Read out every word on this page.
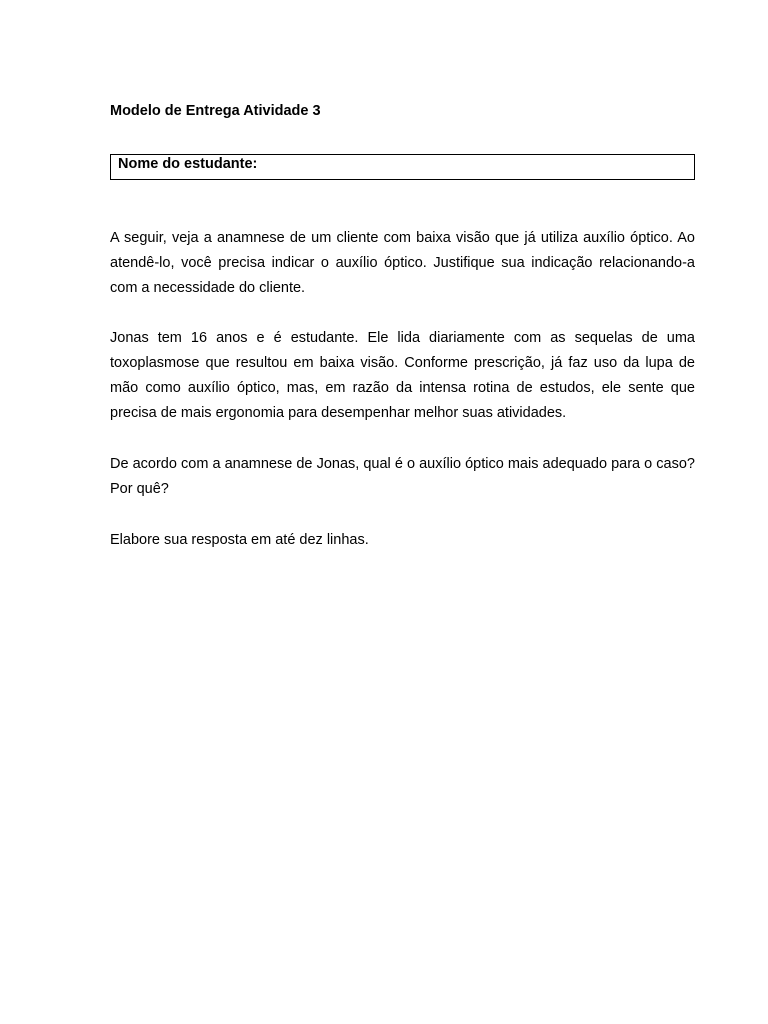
Modelo de Entrega Atividade 3
Nome do estudante:

A seguir, veja a anamnese de um cliente com baixa visão que já utiliza auxílio óptico. Ao atendê-lo, você precisa indicar o auxílio óptico. Justifique sua indicação relacionando-a com a necessidade do cliente.

Jonas tem 16 anos e é estudante. Ele lida diariamente com as sequelas de uma toxoplasmose que resultou em baixa visão. Conforme prescrição, já faz uso da lupa de mão como auxílio óptico, mas, em razão da intensa rotina de estudos, ele sente que precisa de mais ergonomia para desempenhar melhor suas atividades.

De acordo com a anamnese de Jonas, qual é o auxílio óptico mais adequado para o caso? Por quê?

Elabore sua resposta em até dez linhas.
